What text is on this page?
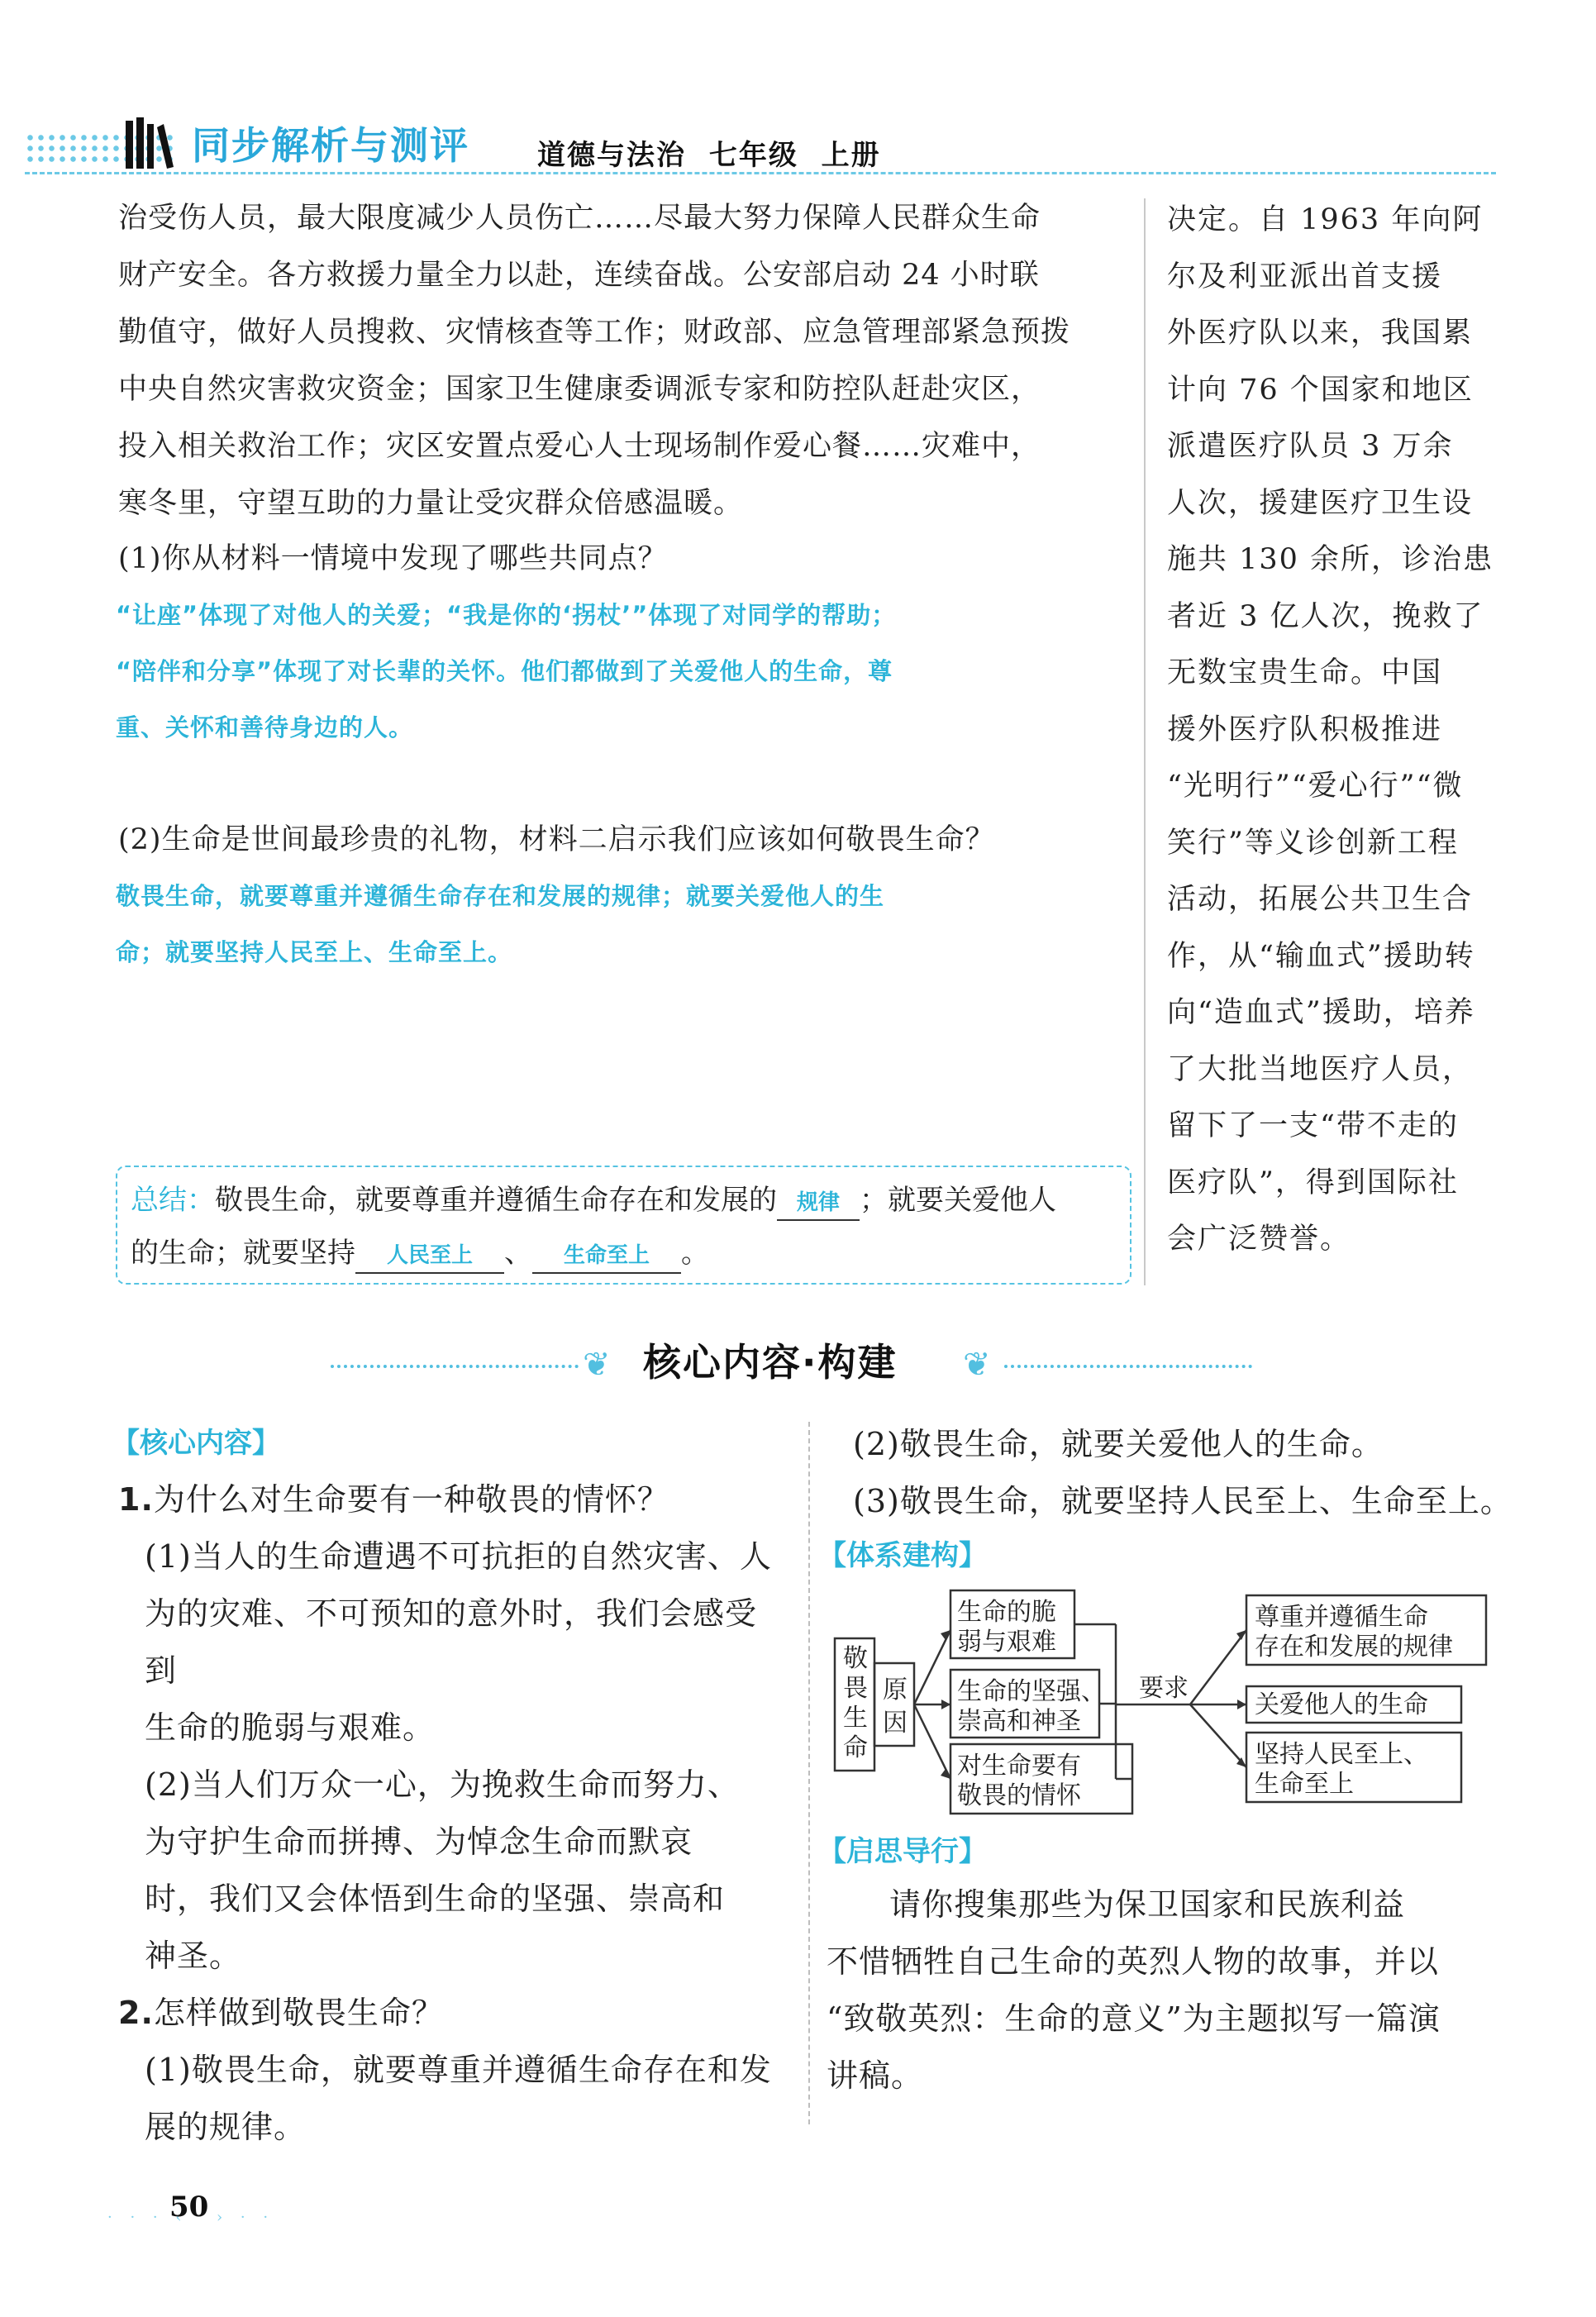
同步解析与测评 道德与法治 七年级 上册
治受伤人员，最大限度减少人员伤亡……尽最大努力保障人民群众生命
财产安全。各方救援力量全力以赴，连续奋战。公安部启动 24 小时联
勤值守，做好人员搜救、灾情核查等工作；财政部、应急管理部紧急预拨
中央自然灾害救灾资金；国家卫生健康委调派专家和防控队赶赴灾区，
投入相关救治工作；灾区安置点爱心人士现场制作爱心餐……灾难中，
寒冬里，守望互助的力量让受灾群众倍感温暖。
(1)你从材料一情境中发现了哪些共同点？
“让座”体现了对他人的关爱；“我是你的‘拐杖’”体现了对同学的帮助；
“陪伴和分享”体现了对长辈的关怀。他们都做到了关爱他人的生命，尊
重、关怀和善待身边的人。
(2)生命是世间最珍贵的礼物，材料二启示我们应该如何敬畏生命？
敬畏生命，就要尊重并遵循生命存在和发展的规律；就要关爱他人的生
命；就要坚持人民至上、生命至上。
总结：敬畏生命，就要尊重并遵循生命存在和发展的 规律 ；就要关爱他人
的生命；就要坚持 人民至上 、 生命至上 。
决定。自 1963 年向阿
尔及利亚派出首支援
外医疗队以来，我国累
计向 76 个国家和地区
派遣医疗队员 3 万余
人次，援建医疗卫生设
施共 130 余所，诊治患
者近 3 亿人次，挽救了
无数宝贵生命。中国
援外医疗队积极推进
“光明行”“爱心行”“微
笑行”等义诊创新工程
活动，拓展公共卫生合
作，从“输血式”援助转
向“造血式”援助，培养
了大批当地医疗人员，
留下了一支“带不走的
医疗队”，得到国际社
会广泛赞誉。
❦ 核心内容·构建 ❦
【核心内容】
1.为什么对生命要有一种敬畏的情怀？
(1)当人的生命遭遇不可抗拒的自然灾害、人
为的灾难、不可预知的意外时，我们会感受到
生命的脆弱与艰难。
(2)当人们万众一心，为挽救生命而努力、
为守护生命而拼搏、为悼念生命而默哀
时，我们又会体悟到生命的坚强、崇高和
神圣。
2.怎样做到敬畏生命？
(1)敬畏生命，就要尊重并遵循生命存在和发
展的规律。
(2)敬畏生命，就要关爱他人的生命。
(3)敬畏生命，就要坚持人民至上、生命至上。
【体系建构】
敬 畏 生 命
原 因
生命的脆 弱与艰难
生命的坚强、 崇高和神圣
对生命要有 敬畏的情怀
要求
尊重并遵循生命 存在和发展的规律
关爱他人的生命
坚持人民至上、 生命至上
【启思导行】
请你搜集那些为保卫国家和民族利益
不惜牺牲自己生命的英烈人物的故事，并以
“致敬英烈：生命的意义”为主题拟写一篇演
讲稿。
· · · ‹
50 › · ·
